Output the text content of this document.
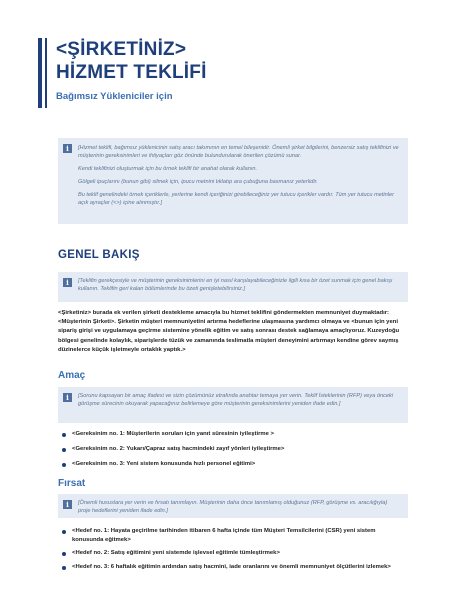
<ŞİRKETİNİZ>
HİZMET TEKLİFİ

Bağımsız Yükleniciler için

i	[Hizmet teklifi, bağımsız yüklenicinin satış aracı takımının en temel bileşenidir. Önemli şirket bilgilerini, benzersiz satış teklifinizi ve müşterinin gereksinimleri ve ihtiyaçları göz önünde bulundurularak önerilen çözümü sunar.

Kendi teklifinizi oluşturmak için bu örnek teklifi bir anahat olarak kullanın.

Gölgeli ipuçlarını (bunun gibi) silmek için, ipucu metnini tıklatıp ara çubuğuna basmanız yeterlidir.

Bu teklif genelindeki örnek içeriklerle, yerlerine kendi içeriğinizi girebileceğiniz yer tutucu içerikler vardır. Tüm yer tutucu metinler açık ayraçlar (<>) içine alınmıştır.]

GENEL BAKIŞ
i	[Teklifin gerekçesiyle ve müşterinin gereksinimlerini en iyi nasıl karşılayabileceğinizle ilgili kısa bir özet sunmak için genel bakışı kullanın. Teklifin geri kalan bölümlerinde bu özeti genişletebilirsiniz.]

<Şirketiniz> burada ek verilen şirketi destekleme amacıyla bu hizmet teklifini göndermekten memnuniyet duymaktadır: <Müşterinin Şirketi>. Şirketin müşteri memnuniyetini artırma hedeflerine ulaşmasına yardımcı olmaya ve <bunun için yeni sipariş girişi ve uygulamaya geçirme sistemine yönelik eğitim ve satış sonrası destek sağlamaya amaçlıyoruz. Kuzeydoğu bölgesi genelinde kolaylık, siparişlerde tüzük ve zamanında teslimatla müşteri deneyimini artırmayı kendine görev saymış düzinelerce küçük işletmeyle ortaklık yaptık.>

Amaç
i	[Sorunu kapsayan bir amaç ifadesi ve sizin çözümünüz etrafında anahtar temaya yer verin. Teklif İsteklerinin (RFP) veya önceki görüşme sürecinin okuyarak yapacağınız belirlemeye göre müşterinin gereksinimlerini yeniden ifade edin.]

<Gereksinim no. 1: Müşterilerin soruları için yanıt süresinin iyileştirme >
<Gereksinim no. 2: Yukarı/Çapraz satış hacmindeki zayıf yönleri iyileştirme>
<Gereksinim no. 3: Yeni sistem konusunda hızlı personel eğitimi>
Fırsat
i	[Önemli hususlara yer verin ve fırsatı tanımlayın. Müşterinin daha önce tanımlamış olduğunuz (RFP, görüşme vs. aracılığıyla) proje hedeflerini yeniden ifade edin.]

<Hedef no. 1: Hayata geçirilme tarihinden itibaren 6 hafta içinde tüm Müşteri Temsilcilerini (CSR) yeni sistem konusunda eğitmek>
<Hedef no. 2: Satış eğitimini yeni sistemde işlevsel eğitimle tümleştirmek>
<Hedef no. 3: 6 haftalık eğitimin ardından satış hacmini, iade oranlarını ve önemli memnuniyet ölçütlerini izlemek>
